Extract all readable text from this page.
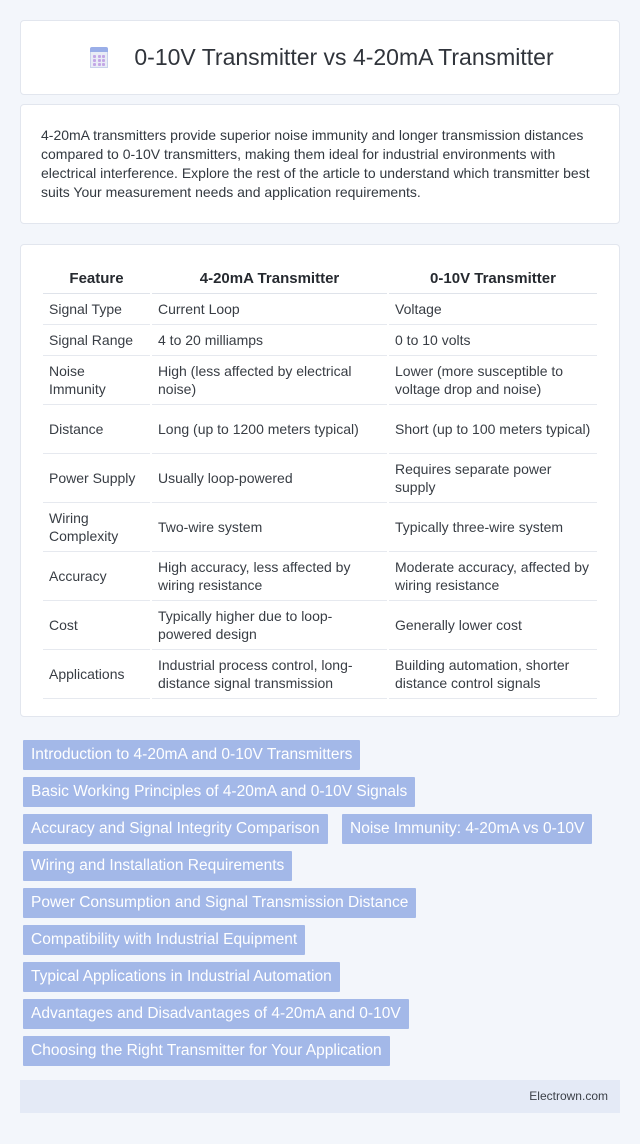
0-10V Transmitter vs 4-20mA Transmitter

4-20mA transmitters provide superior noise immunity and longer transmission distances compared to 0-10V transmitters, making them ideal for industrial environments with electrical interference. Explore the rest of the article to understand which transmitter best suits Your measurement needs and application requirements.

Feature	4-20mA Transmitter	0-10V Transmitter
Signal Type	Current Loop	Voltage
Signal Range	4 to 20 milliamps	0 to 10 volts
Noise Immunity	High (less affected by electrical noise)	Lower (more susceptible to voltage drop and noise)
Distance	Long (up to 1200 meters typical)	Short (up to 100 meters typical)
Power Supply	Usually loop-powered	Requires separate power supply
Wiring Complexity	Two-wire system	Typically three-wire system
Accuracy	High accuracy, less affected by wiring resistance	Moderate accuracy, affected by wiring resistance
Cost	Typically higher due to loop-powered design	Generally lower cost
Applications	Industrial process control, long-distance signal transmission	Building automation, shorter distance control signals
Introduction to 4-20mA and 0-10V Transmitters
Basic Working Principles of 4-20mA and 0-10V Signals
Accuracy and Signal Integrity Comparison	Noise Immunity: 4-20mA vs 0-10V
Wiring and Installation Requirements
Power Consumption and Signal Transmission Distance
Compatibility with Industrial Equipment
Typical Applications in Industrial Automation
Advantages and Disadvantages of 4-20mA and 0-10V
Choosing the Right Transmitter for Your Application
Electrown.com
